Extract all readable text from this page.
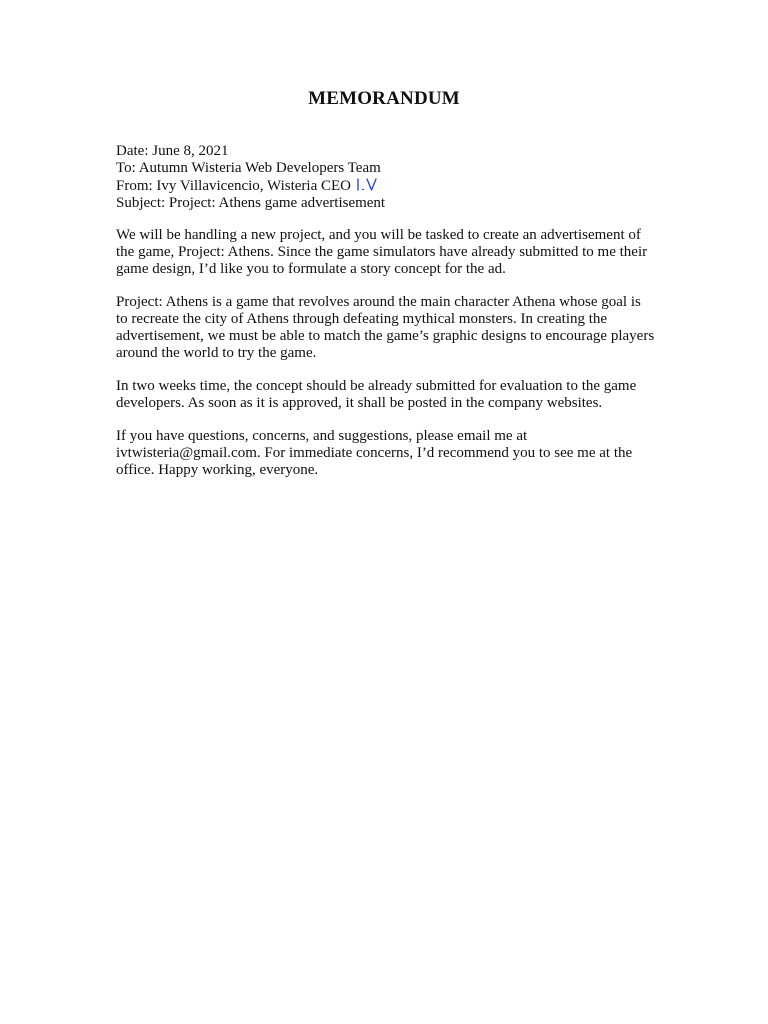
MEMORANDUM
Date: June 8, 2021
To: Autumn Wisteria Web Developers Team
From: Ivy Villavicencio, Wisteria CEO
Subject: Project: Athens game advertisement

We will be handling a new project, and you will be tasked to create an advertisement of the game, Project: Athens. Since the game simulators have already submitted to me their game design, I’d like you to formulate a story concept for the ad.

Project: Athens is a game that revolves around the main character Athena whose goal is to recreate the city of Athens through defeating mythical monsters. In creating the advertisement, we must be able to match the game’s graphic designs to encourage players around the world to try the game.

In two weeks time, the concept should be already submitted for evaluation to the game developers. As soon as it is approved, it shall be posted in the company websites.

If you have questions, concerns, and suggestions, please email me at ivtwisteria@gmail.com. For immediate concerns, I’d recommend you to see me at the office. Happy working, everyone.
